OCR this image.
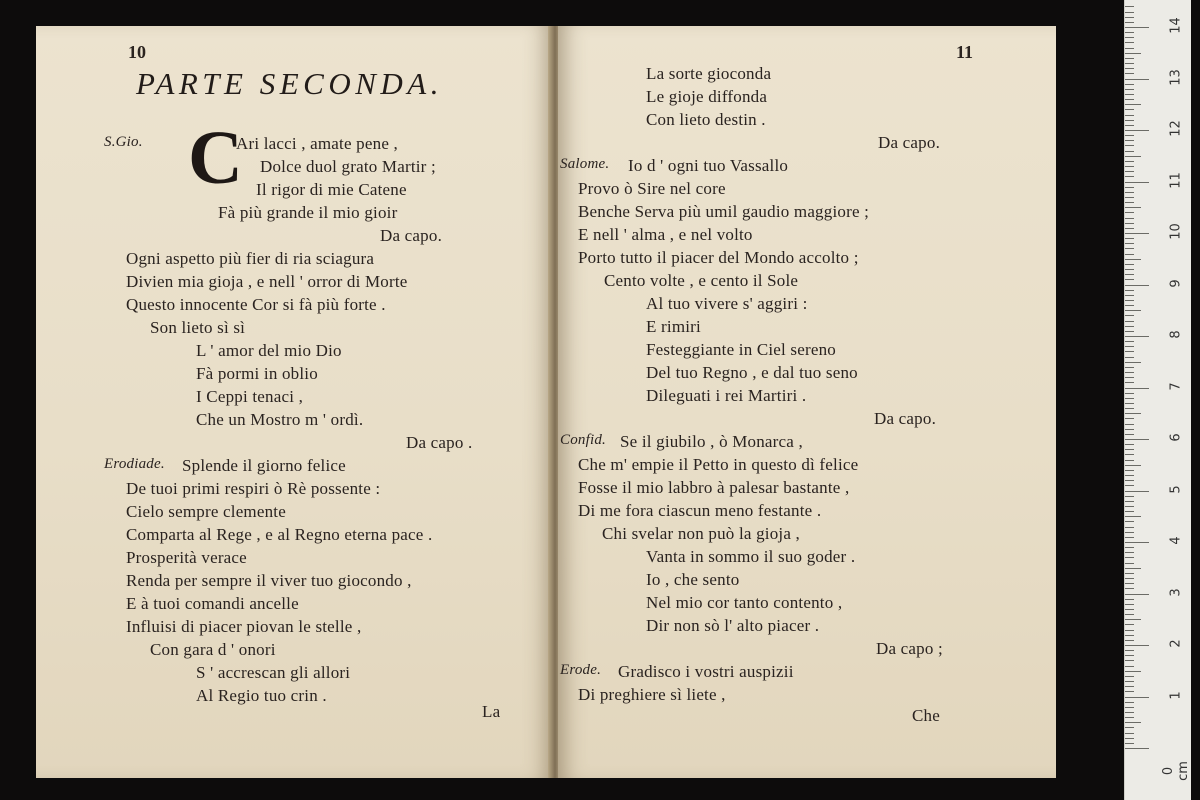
10
PARTE SECONDA.
C
S.Gio.	Ari lacci , amate pene ,
Dolce duol grato Martir ;
Il rigor di mie Catene
Fà più grande il mio gioir
Da capo.
Ogni aspetto più fier di ria sciagura
Divien mia gioja , e nell ' orror di Morte
Questo innocente Cor si fà più forte .
Son lieto sì sì
L ' amor del mio Dio
Fà pormi in oblio
I Ceppi tenaci ,
Che un Mostro m ' ordì.
Da capo .
Erodiade. Splende il giorno felice
De tuoi primi respiri ò Rè possente :
Cielo sempre clemente
Comparta al Rege , e al Regno eterna pace .
Prosperità verace
Renda per sempre il viver tuo giocondo ,
E à tuoi comandi ancelle
Influisi di piacer piovan le stelle ,
Con gara d ' onori
S ' accrescan gli allori
Al Regio tuo crin .
La
11
La sorte gioconda
Le gioje diffonda
Con lieto destin .
Da capo.
Salome. Io d ' ogni tuo Vassallo
Provo ò Sire nel core
Benche Serva più umil gaudio maggiore ;
E nell ' alma , e nel volto
Porto tutto il piacer del Mondo accolto ;
Cento volte , e cento il Sole
Al tuo vivere s' aggiri :
E rimiri
Festeggiante in Ciel sereno
Del tuo Regno , e dal tuo seno
Dileguati i rei Martiri .
Da capo.
Confid. Se il giubilo , ò Monarca ,
Che m' empie il Petto in questo dì felice
Fosse il mio labbro à palesar bastante ,
Di me fora ciascun meno festante .
Chi svelar non può la gioja ,
Vanta in sommo il suo goder .
Io , che sento
Nel mio cor tanto contento ,
Dir non sò l' alto piacer .
Da capo ;
Erode. Gradisco i vostri auspizii
Di preghiere sì liete ,
Che
0 cm
1
2
3
4
5
6
7
8
9
10
11
12
13
14
